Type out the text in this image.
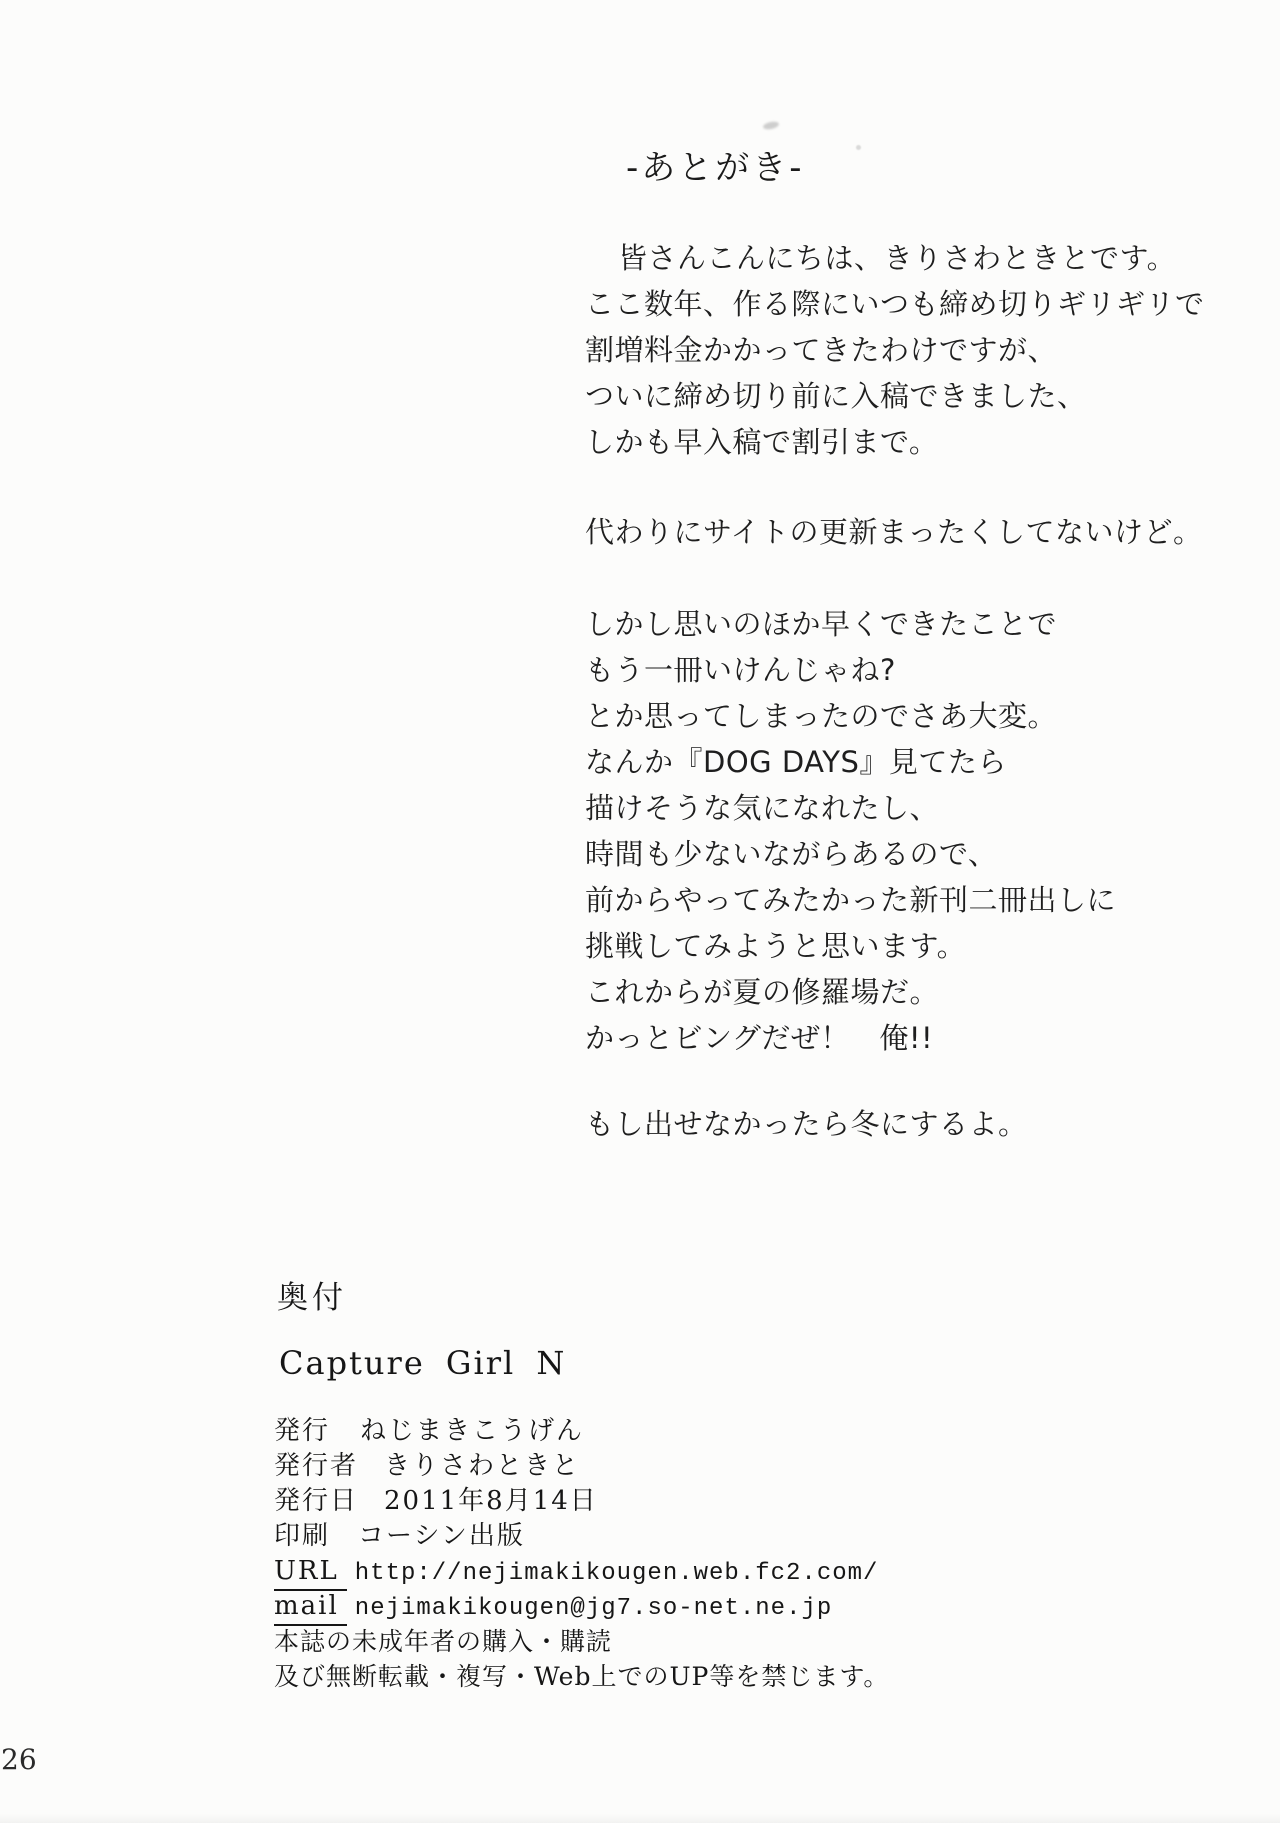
-あとがき-
皆さんこんにちは、きりさわときとです。
ここ数年、作る際にいつも締め切りギリギリで
割増料金かかってきたわけですが、
ついに締め切り前に入稿できました、
しかも早入稿で割引まで。
代わりにサイトの更新まったくしてないけど。
しかし思いのほか早くできたことで
もう一冊いけんじゃね?
とか思ってしまったのでさあ大変。
なんか『DOG DAYS』見てたら
描けそうな気になれたし、
時間も少ないながらあるので、
前からやってみたかった新刊二冊出しに
挑戦してみようと思います。
これからが夏の修羅場だ。
かっとビングだぜ！　俺!!
もし出せなかったら冬にするよ。
奥付
Capture Girl N
発行 ねじまきこうげん
発行者 きりさわときと
発行日 2011年8月14日
印刷 コーシン出版
URL http://nejimakikougen.web.fc2.com/
mail nejimakikougen@jg7.so-net.ne.jp
本誌の未成年者の購入・購読
及び無断転載・複写・Web上でのUP等を禁じます。
26
